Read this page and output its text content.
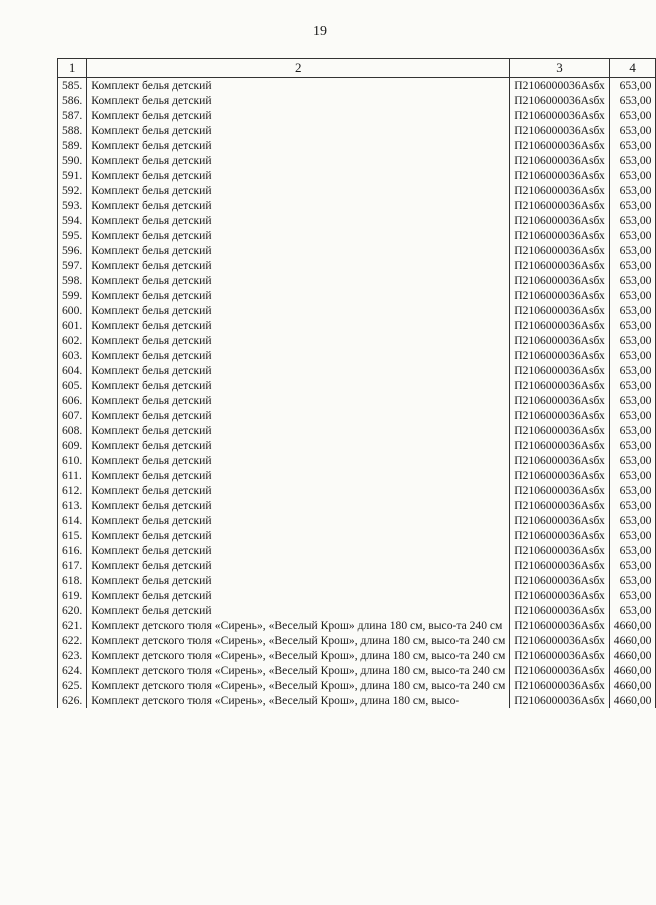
19
1	2	3	4
585.	Комплект белья детский	П2106000036Аsбх	653,00
586.	Комплект белья детский	П2106000036Аsбх	653,00
587.	Комплект белья детский	П2106000036Аsбх	653,00
588.	Комплект белья детский	П2106000036Аsбх	653,00
589.	Комплект белья детский	П2106000036Аsбх	653,00
590.	Комплект белья детский	П2106000036Аsбх	653,00
591.	Комплект белья детский	П2106000036Аsбх	653,00
592.	Комплект белья детский	П2106000036Аsбх	653,00
593.	Комплект белья детский	П2106000036Аsбх	653,00
594.	Комплект белья детский	П2106000036Аsбх	653,00
595.	Комплект белья детский	П2106000036Аsбх	653,00
596.	Комплект белья детский	П2106000036Аsбх	653,00
597.	Комплект белья детский	П2106000036Аsбх	653,00
598.	Комплект белья детский	П2106000036Аsбх	653,00
599.	Комплект белья детский	П2106000036Аsбх	653,00
600.	Комплект белья детский	П2106000036Аsбх	653,00
601.	Комплект белья детский	П2106000036Аsбх	653,00
602.	Комплект белья детский	П2106000036Аsбх	653,00
603.	Комплект белья детский	П2106000036Аsбх	653,00
604.	Комплект белья детский	П2106000036Аsбх	653,00
605.	Комплект белья детский	П2106000036Аsбх	653,00
606.	Комплект белья детский	П2106000036Аsбх	653,00
607.	Комплект белья детский	П2106000036Аsбх	653,00
608.	Комплект белья детский	П2106000036Аsбх	653,00
609.	Комплект белья детский	П2106000036Аsбх	653,00
610.	Комплект белья детский	П2106000036Аsбх	653,00
611.	Комплект белья детский	П2106000036Аsбх	653,00
612.	Комплект белья детский	П2106000036Аsбх	653,00
613.	Комплект белья детский	П2106000036Аsбх	653,00
614.	Комплект белья детский	П2106000036Аsбх	653,00
615.	Комплект белья детский	П2106000036Аsбх	653,00
616.	Комплект белья детский	П2106000036Аsбх	653,00
617.	Комплект белья детский	П2106000036Аsбх	653,00
618.	Комплект белья детский	П2106000036Аsбх	653,00
619.	Комплект белья детский	П2106000036Аsбх	653,00
620.	Комплект белья детский	П2106000036Аsбх	653,00
621.	Комплект детского тюля «Сирень», «Веселый Крош» длина 180 см, высо-та 240 см	П2106000036Аsбх	4660,00
622.	Комплект детского тюля «Сирень», «Веселый Крош», длина 180 см, высо-та 240 см	П2106000036Аsбх	4660,00
623.	Комплект детского тюля «Сирень», «Веселый Крош», длина 180 см, высо-та 240 см	П2106000036Аsбх	4660,00
624.	Комплект детского тюля «Сирень», «Веселый Крош», длина 180 см, высо-та 240 см	П2106000036Аsбх	4660,00
625.	Комплект детского тюля «Сирень», «Веселый Крош», длина 180 см, высо-та 240 см	П2106000036Аsбх	4660,00
626.	Комплект детского тюля «Сирень», «Веселый Крош», длина 180 см, высо-	П2106000036Аsбх	4660,00
